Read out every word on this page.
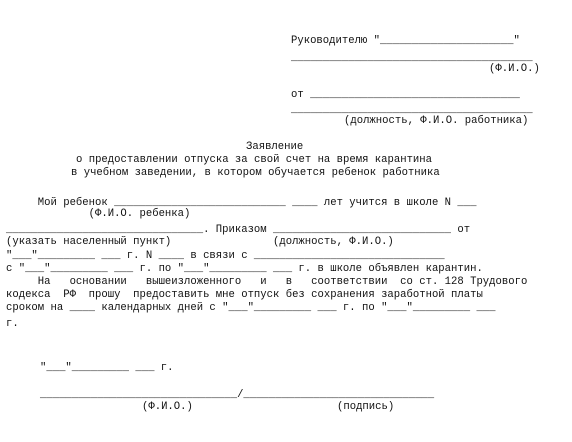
Руководителю "_____________________"
______________________________________
(Ф.И.О.)
от _________________________________
______________________________________
(должность, Ф.И.О. работника)
Заявление
о предоставлении отпуска за свой счет на время карантина
в учебном заведении, в котором обучается ребенок работника
Мой ребенок ___________________________ ____ лет учится в школе N ___
(Ф.И.О. ребенка)
_______________________________. Приказом ____________________________ от
(указать населенный пункт)                (должность, Ф.И.О.)
"___"_________ ___ г. N ____ в связи с ______________________________
с "___"_________ ___ г. по "___"_________ ___ г. в школе объявлен карантин.
На   основании   вышеизложенного   и   в   соответствии  со ст. 128 Трудового
кодекса  РФ  прошу  предоставить мне отпуск без сохранения заработной платы
сроком на ____ календарных дней с "___"_________ ___ г. по "___"_________ ___
г.
"___"_________ ___ г.
_______________________________/______________________________
(Ф.И.О.)	(подпись)
